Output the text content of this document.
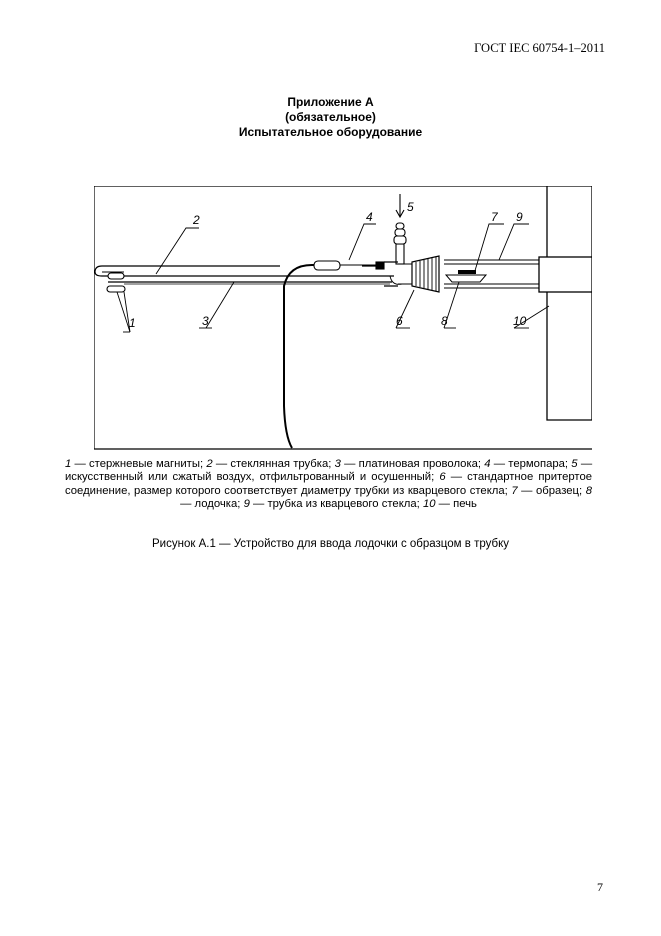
ГОСТ IEC 60754-1–2011
Приложение А
(обязательное)
Испытательное оборудование
1
2
3
4
5
6
7
8
9
10
1 — стержневые магниты; 2 — стеклянная трубка; 3 — платиновая проволока; 4 — термопара; 5 — искусственный или сжатый воздух, отфильтрованный и осушенный; 6 — стандартное притертое соединение, размер которого соответствует диаметру трубки из кварцевого стекла; 7 — образец; 8 — лодочка; 9 — трубка из кварцевого стекла; 10 — печь
Рисунок А.1 — Устройство для ввода лодочки с образцом в трубку
7
